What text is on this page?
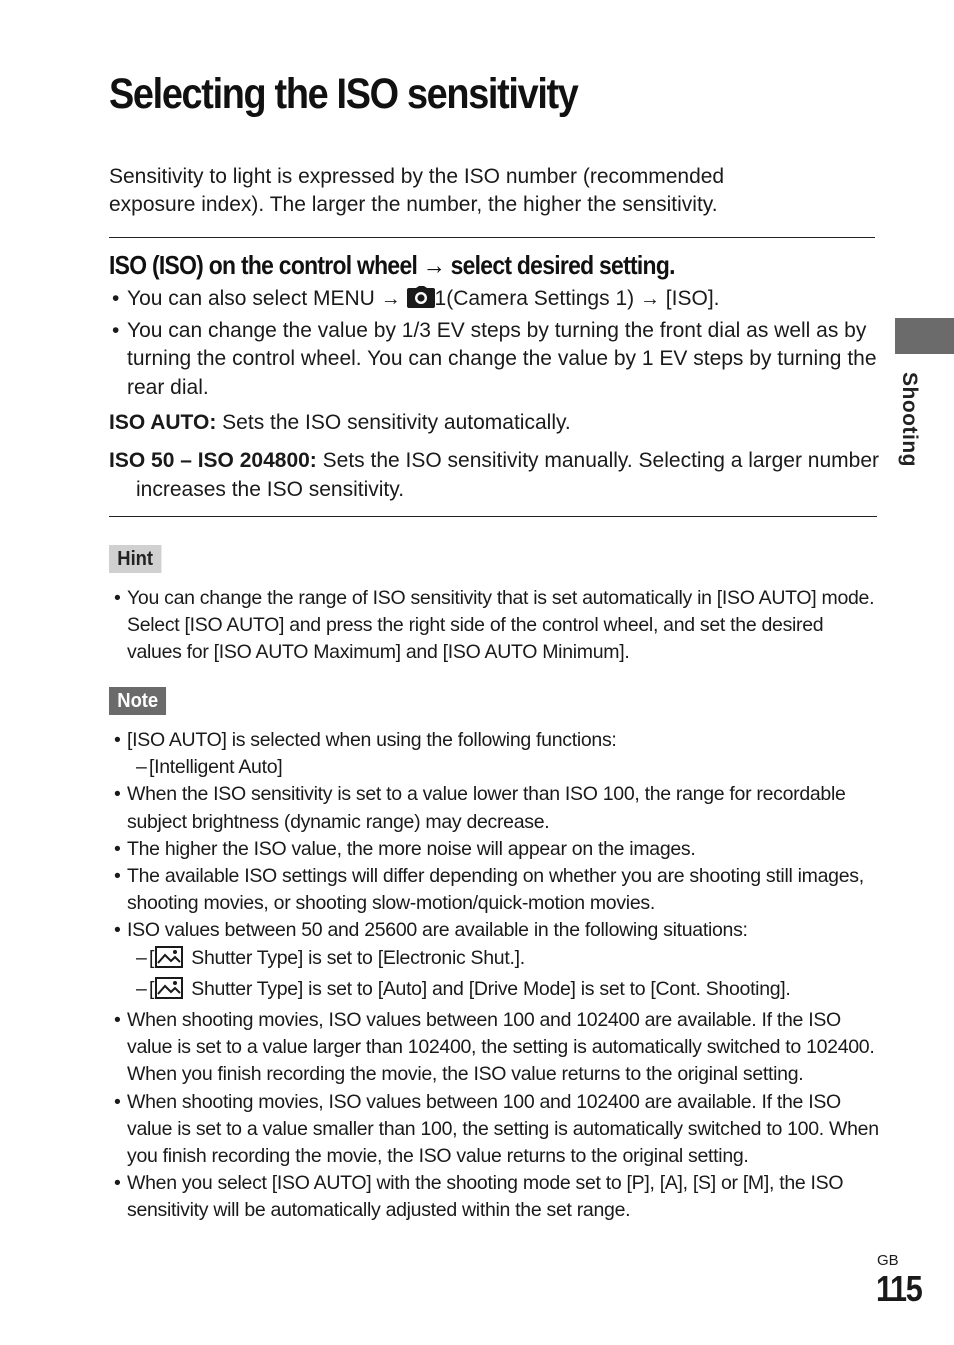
Selecting the ISO sensitivity
Sensitivity to light is expressed by the ISO number (recommended exposure index). The larger the number, the higher the sensitivity.
ISO (ISO) on the control wheel → select desired setting.
• You can also select MENU → 1(Camera Settings 1) → [ISO].
• You can change the value by 1/3 EV steps by turning the front dial as well as by turning the control wheel. You can change the value by 1 EV steps by turning the rear dial.
ISO AUTO: Sets the ISO sensitivity automatically.
ISO 50 – ISO 204800: Sets the ISO sensitivity manually. Selecting a larger number increases the ISO sensitivity.
Hint
• You can change the range of ISO sensitivity that is set automatically in [ISO AUTO] mode. Select [ISO AUTO] and press the right side of the control wheel, and set the desired values for [ISO AUTO Maximum] and [ISO AUTO Minimum].
Note
• [ISO AUTO] is selected when using the following functions:
– [Intelligent Auto]
• When the ISO sensitivity is set to a value lower than ISO 100, the range for recordable subject brightness (dynamic range) may decrease.
• The higher the ISO value, the more noise will appear on the images.
• The available ISO settings will differ depending on whether you are shooting still images, shooting movies, or shooting slow-motion/quick-motion movies.
• ISO values between 50 and 25600 are available in the following situations:
– [ Shutter Type] is set to [Electronic Shut.].
– [ Shutter Type] is set to [Auto] and [Drive Mode] is set to [Cont. Shooting].
• When shooting movies, ISO values between 100 and 102400 are available. If the ISO value is set to a value larger than 102400, the setting is automatically switched to 102400. When you finish recording the movie, the ISO value returns to the original setting.
• When shooting movies, ISO values between 100 and 102400 are available. If the ISO value is set to a value smaller than 100, the setting is automatically switched to 100. When you finish recording the movie, the ISO value returns to the original setting.
• When you select [ISO AUTO] with the shooting mode set to [P], [A], [S] or [M], the ISO sensitivity will be automatically adjusted within the set range.
Shooting
GB
115
